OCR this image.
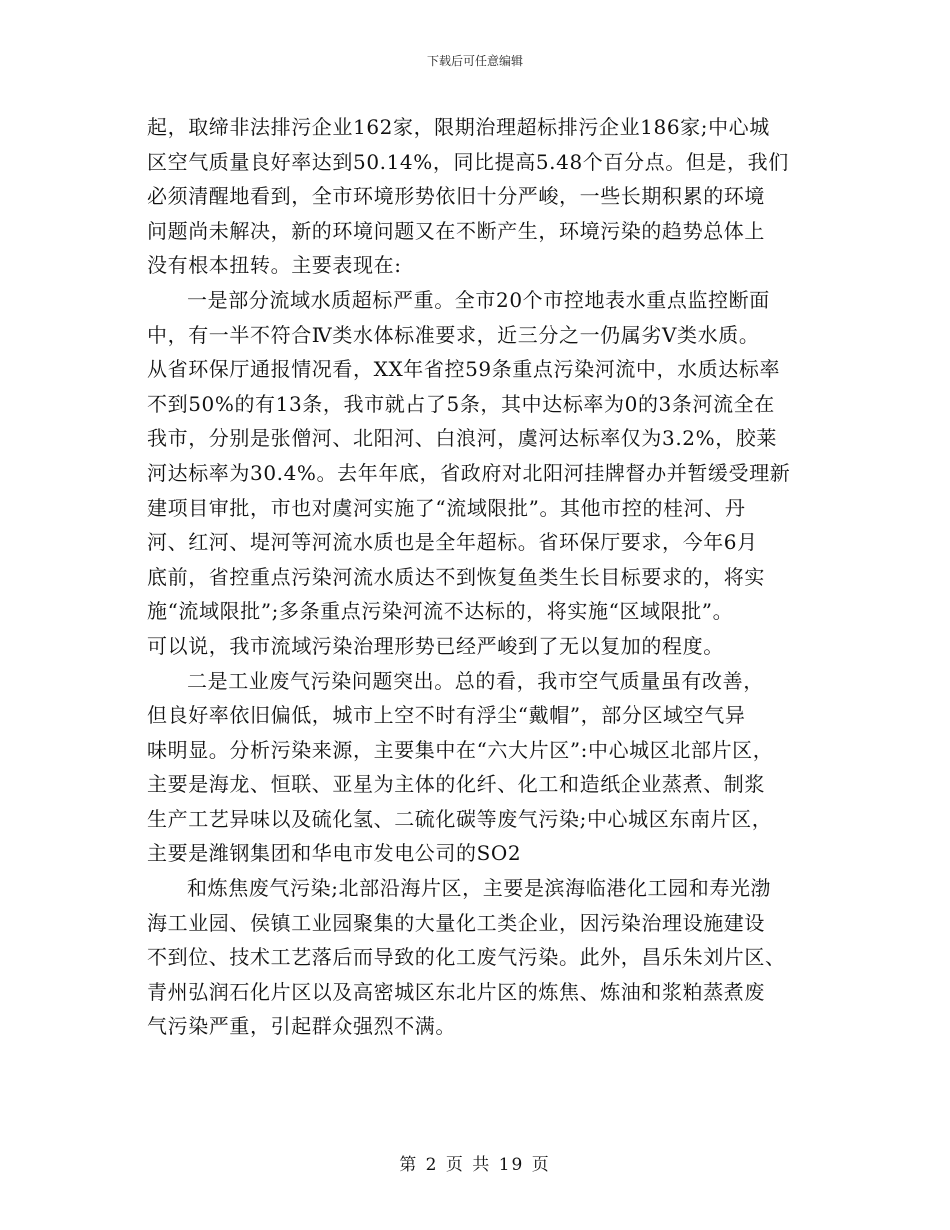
下载后可任意编辑
起，取缔非法排污企业162家，限期治理超标排污企业186家;中心城
区空气质量良好率达到50.14%，同比提高5.48个百分点。但是，我们
必须清醒地看到，全市环境形势依旧十分严峻，一些长期积累的环境
问题尚未解决，新的环境问题又在不断产生，环境污染的趋势总体上
没有根本扭转。主要表现在:
一是部分流域水质超标严重。全市20个市控地表水重点监控断面
中，有一半不符合Ⅳ类水体标准要求，近三分之一仍属劣Ⅴ类水质。
从省环保厅通报情况看，XX年省控59条重点污染河流中，水质达标率
不到50%的有13条，我市就占了5条，其中达标率为0的3条河流全在
我市，分别是张僧河、北阳河、白浪河，虞河达标率仅为3.2%，胶莱
河达标率为30.4%。去年年底，省政府对北阳河挂牌督办并暂缓受理新
建项目审批，市也对虞河实施了“流域限批”。其他市控的桂河、丹
河、红河、堤河等河流水质也是全年超标。省环保厅要求，今年6月
底前，省控重点污染河流水质达不到恢复鱼类生长目标要求的，将实
施“流域限批”;多条重点污染河流不达标的，将实施“区域限批”。
可以说，我市流域污染治理形势已经严峻到了无以复加的程度。
二是工业废气污染问题突出。总的看，我市空气质量虽有改善，
但良好率依旧偏低，城市上空不时有浮尘“戴帽”，部分区域空气异
味明显。分析污染来源，主要集中在“六大片区”:中心城区北部片区，
主要是海龙、恒联、亚星为主体的化纤、化工和造纸企业蒸煮、制浆
生产工艺异味以及硫化氢、二硫化碳等废气污染;中心城区东南片区，
主要是潍钢集团和华电市发电公司的SO2
和炼焦废气污染;北部沿海片区，主要是滨海临港化工园和寿光渤
海工业园、侯镇工业园聚集的大量化工类企业，因污染治理设施建设
不到位、技术工艺落后而导致的化工废气污染。此外，昌乐朱刘片区、
青州弘润石化片区以及高密城区东北片区的炼焦、炼油和浆粕蒸煮废
气污染严重，引起群众强烈不满。
第 2 页 共 19 页
